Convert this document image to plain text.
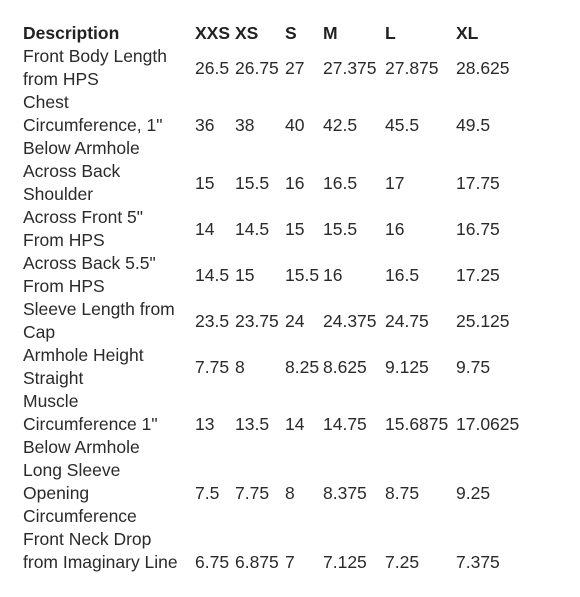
Description	XXS	XS	S	M	L	XL

Front Body Length
from HPS	26.5	26.75	27	27.375	27.875	28.625

Chest
Circumference, 1"
Below Armhole	36	38	40	42.5	45.5	49.5

Across Back
Shoulder	15	15.5	16	16.5	17	17.75

Across Front 5"
From HPS	14	14.5	15	15.5	16	16.75

Across Back 5.5"
From HPS	14.5	15	15.5	16	16.5	17.25

Sleeve Length from
Cap	23.5	23.75	24	24.375	24.75	25.125

Armhole Height
Straight	7.75	8	8.25	8.625	9.125	9.75

Muscle
Circumference 1"
Below Armhole	13	13.5	14	14.75	15.6875	17.0625

Long Sleeve
Opening
Circumference	7.5	7.75	8	8.375	8.75	9.25

Front Neck Drop
from Imaginary Line	6.75	6.875	7	7.125	7.25	7.375
